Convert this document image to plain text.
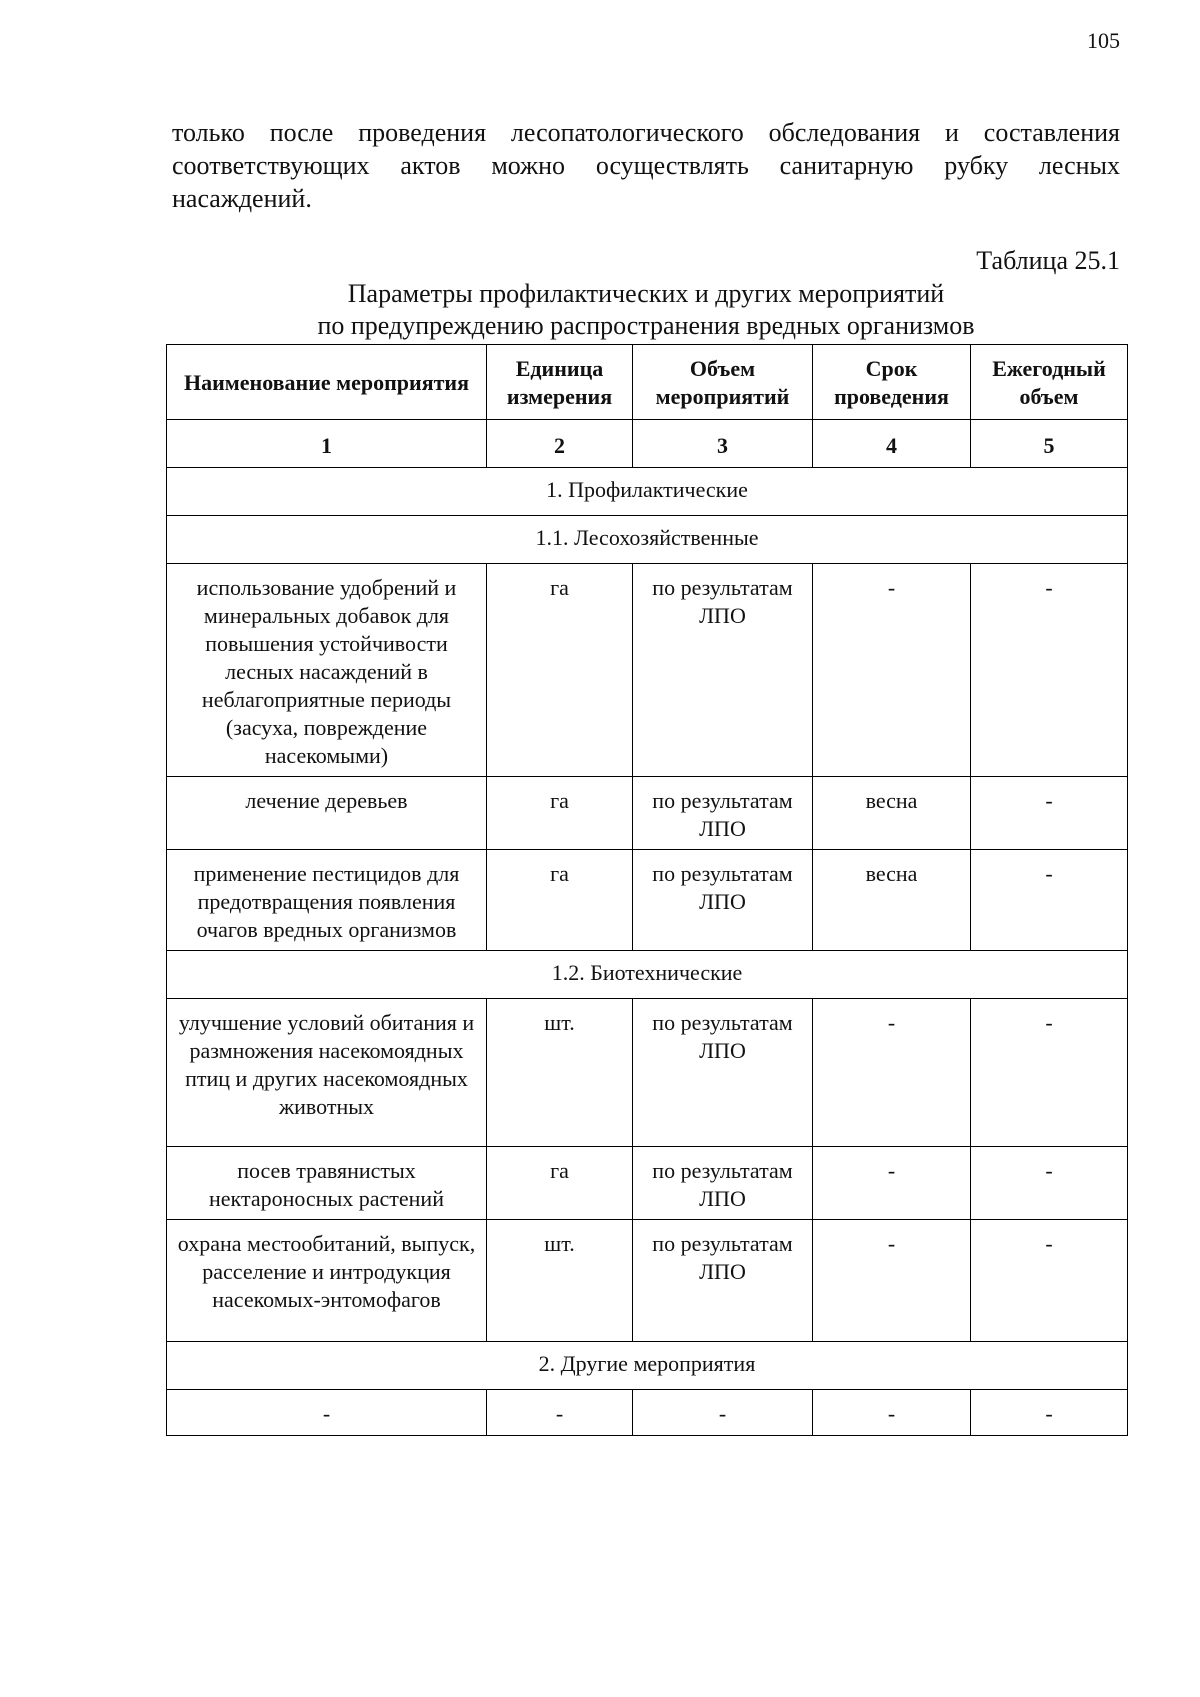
105

только после проведения лесопатологического обследования и составления соответствующих актов можно осуществлять санитарную рубку лесных насаждений.

Таблица 25.1
Параметры профилактических и других мероприятий
по предупреждению распространения вредных организмов
Наименование мероприятия	Единица измерения	Объем мероприятий	Срок проведения	Ежегодный объем
1	2	3	4	5
1. Профилактические				
1.1. Лесохозяйственные				
использование удобрений и минеральных добавок для повышения устойчивости лесных насаждений в неблагоприятные периоды (засуха, повреждение насекомыми)	га	по результатам ЛПО	-	-
лечение деревьев	га	по результатам ЛПО	весна	-
применение пестицидов для предотвращения появления очагов вредных организмов	га	по результатам ЛПО	весна	-
1.2. Биотехнические				
улучшение условий обитания и размножения насекомоядных птиц и других насекомоядных животных	шт.	по результатам ЛПО	-	-
посев травянистых нектароносных растений	га	по результатам ЛПО	-	-
охрана местообитаний, выпуск, расселение и интродукция насекомых-энтомофагов	шт.	по результатам ЛПО	-	-
2. Другие мероприятия				
-	-	-	-	-
